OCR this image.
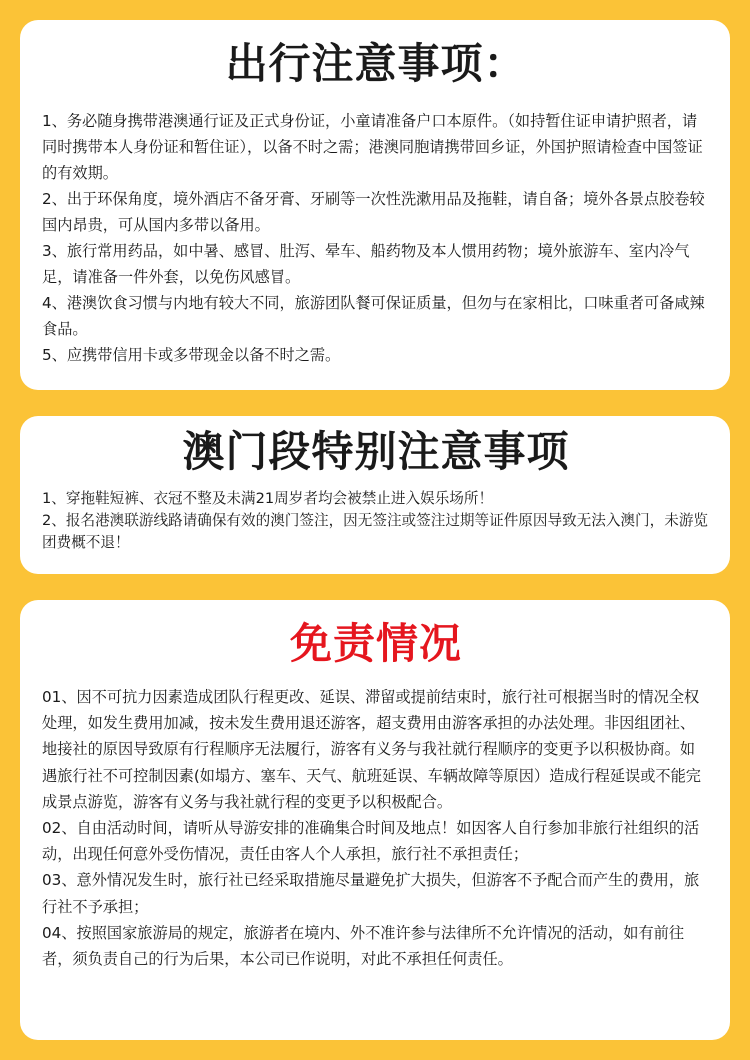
出行注意事项：

1、务必随身携带港澳通行证及正式身份证，小童请准备户口本原件。（如持暂住证申请护照者，请同时携带本人身份证和暂住证），以备不时之需；港澳同胞请携带回乡证，外国护照请检查中国签证的有效期。

2、出于环保角度，境外酒店不备牙膏、牙刷等一次性洗漱用品及拖鞋，请自备；境外各景点胶卷较国内昂贵，可从国内多带以备用。

3、旅行常用药品，如中暑、感冒、肚泻、晕车、船药物及本人惯用药物；境外旅游车、室内冷气足，请准备一件外套，以免伤风感冒。

4、港澳饮食习惯与内地有较大不同，旅游团队餐可保证质量，但勿与在家相比，口味重者可备咸辣食品。

5、应携带信用卡或多带现金以备不时之需。

澳门段特别注意事项

1、穿拖鞋短裤、衣冠不整及未满21周岁者均会被禁止进入娱乐场所！

2、报名港澳联游线路请确保有效的澳门签注，因无签注或签注过期等证件原因导致无法入澳门，未游览团费概不退！

免责情况

01、因不可抗力因素造成团队行程更改、延误、滞留或提前结束时，旅行社可根据当时的情况全权处理，如发生费用加减，按未发生费用退还游客，超支费用由游客承担的办法处理。非因组团社、地接社的原因导致原有行程顺序无法履行，游客有义务与我社就行程顺序的变更予以积极协商。如遇旅行社不可控制因素(如塌方、塞车、天气、航班延误、车辆故障等原因）造成行程延误或不能完成景点游览，游客有义务与我社就行程的变更予以积极配合。

02、自由活动时间，请听从导游安排的准确集合时间及地点！如因客人自行参加非旅行社组织的活动，出现任何意外受伤情况，责任由客人个人承担，旅行社不承担责任；

03、意外情况发生时，旅行社已经采取措施尽量避免扩大损失，但游客不予配合而产生的费用，旅行社不予承担；

04、按照国家旅游局的规定，旅游者在境内、外不准许参与法律所不允许情况的活动，如有前往者，须负责自己的行为后果，本公司已作说明，对此不承担任何责任。
